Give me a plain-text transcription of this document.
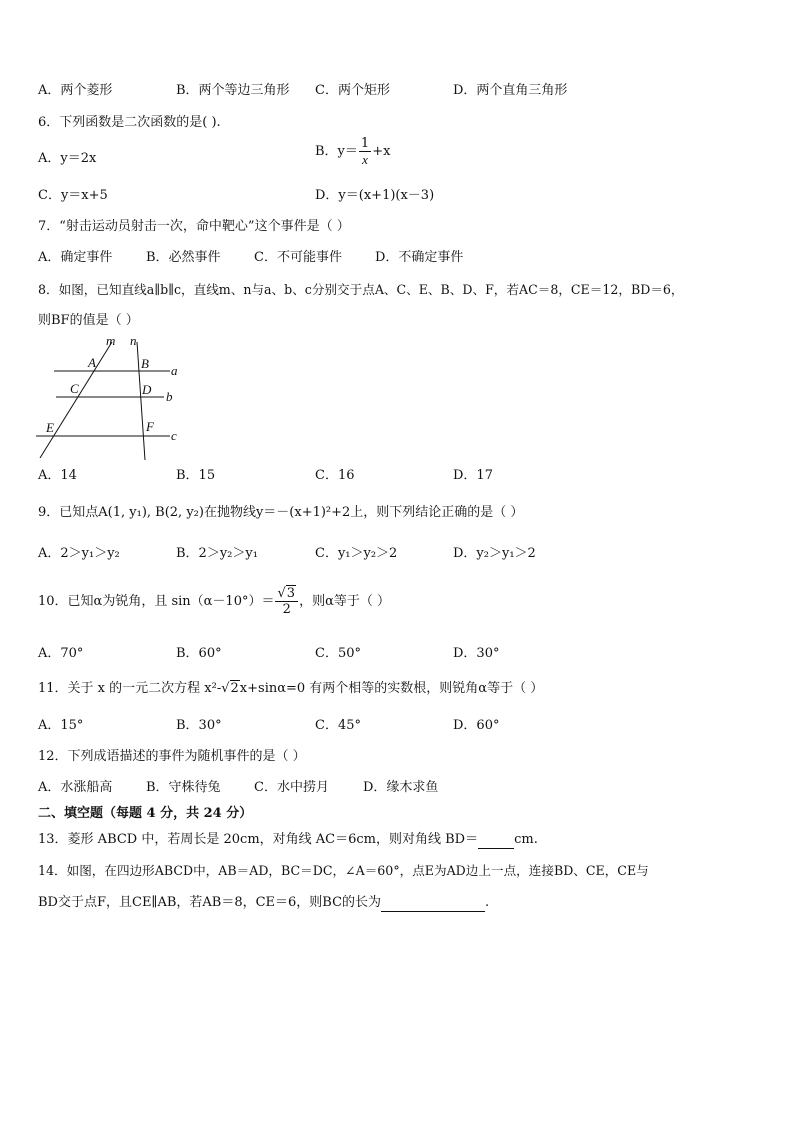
A．两个菱形	B．两个等边三角形 C．两个矩形	D．两个直角三角形
6．下列函数是二次函数的是( ).
A．y＝2x	B．$y= \frac{1}{x} +x$
C．y＝x+5	D．y＝(x+1)(x－3)
7．“射击运动员射击一次，命中靶心”这个事件是（ ）
A．确定事件	B．必然事件	C．不可能事件	D．不确定事件
8．如图，已知直线a∥b∥c，直线m、n与a、b、c分别交于点A、C、E、B、D、F，若AC＝8，CE＝12，BD＝6，
则BF的值是（ ）
m n
A	B a
C	D b
E	F
c
A．14	B．15	C．16	D．17
9．已知点A(1, y₁), B(2, y₂)在抛物线y＝－(x+1)²+2上，则下列结论正确的是（ ）
A．2＞y₁＞y₂	B．2＞y₂＞y₁	C．y₁＞y₂＞2	D．y₂＞y₁＞2
10．已知α为锐角，且 $\sin(\alpha-10^\circ)= \frac{√3}{2}$ ，则α等于（ ）
A．70°	B．60°	C．50°	D．30°
11．关于 x 的一元二次方程 x²-√2x+sinα=0 有两个相等的实数根，则锐角α等于（ ）
A．15°	B．30°	C．45°	D．60°
12．下列成语描述的事件为随机事件的是（ ）
A．水涨船高	B．守株待兔	C．水中捞月	D．缘木求鱼
二、填空题（每题 4 分，共 24 分）
13．菱形 ABCD 中，若周长是 20cm，对角线 AC＝6cm，则对角线 BD＝	cm.
14．如图，在四边形ABCD中，AB＝AD，BC＝DC，∠A＝60°，点E为AD边上一点，连接BD、CE，CE与
BD交于点F，且CE∥AB，若AB＝8，CE＝6，则BC的长为	.
